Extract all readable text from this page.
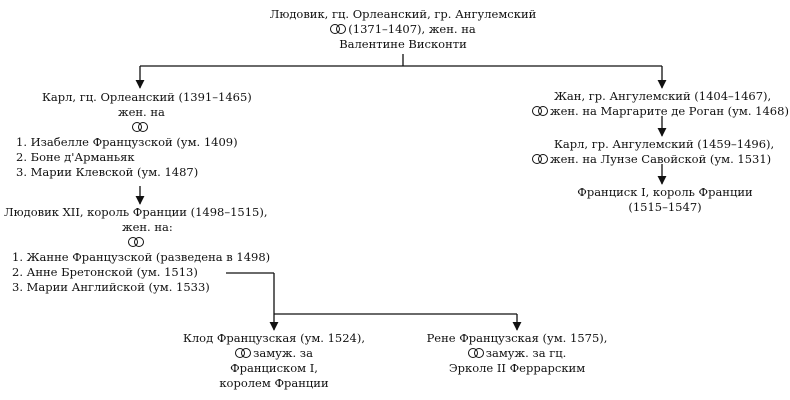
Людовик, гц. Орлеанский, гр. Ангулемский
(1371–1407), жен. на
Валентине Висконти
Карл, гц. Орлеанский (1391–1465)
жен. на
1. Изабелле Французской (ум. 1409)
2. Боне д'Арманьяк
3. Марии Клевской (ум. 1487)
Жан, гр. Ангулемский (1404–1467),
жен. на Маргарите де Роган (ум. 1468)
Карл, гр. Ангулемский (1459–1496),
жен. на Лунзе Савойской (ум. 1531)
Франциск I, король Франции
(1515–1547)
Людовик XII, король Франции (1498–1515),
жен. на:
1. Жанне Французской (разведена в 1498)
2. Анне Бретонской (ум. 1513)
3. Марии Английской (ум. 1533)
Клод Французская (ум. 1524),
замуж. за
Франциском I,
королем Франции
Рене Французская (ум. 1575),
замуж. за гц.
Эрколе II Феррарским
